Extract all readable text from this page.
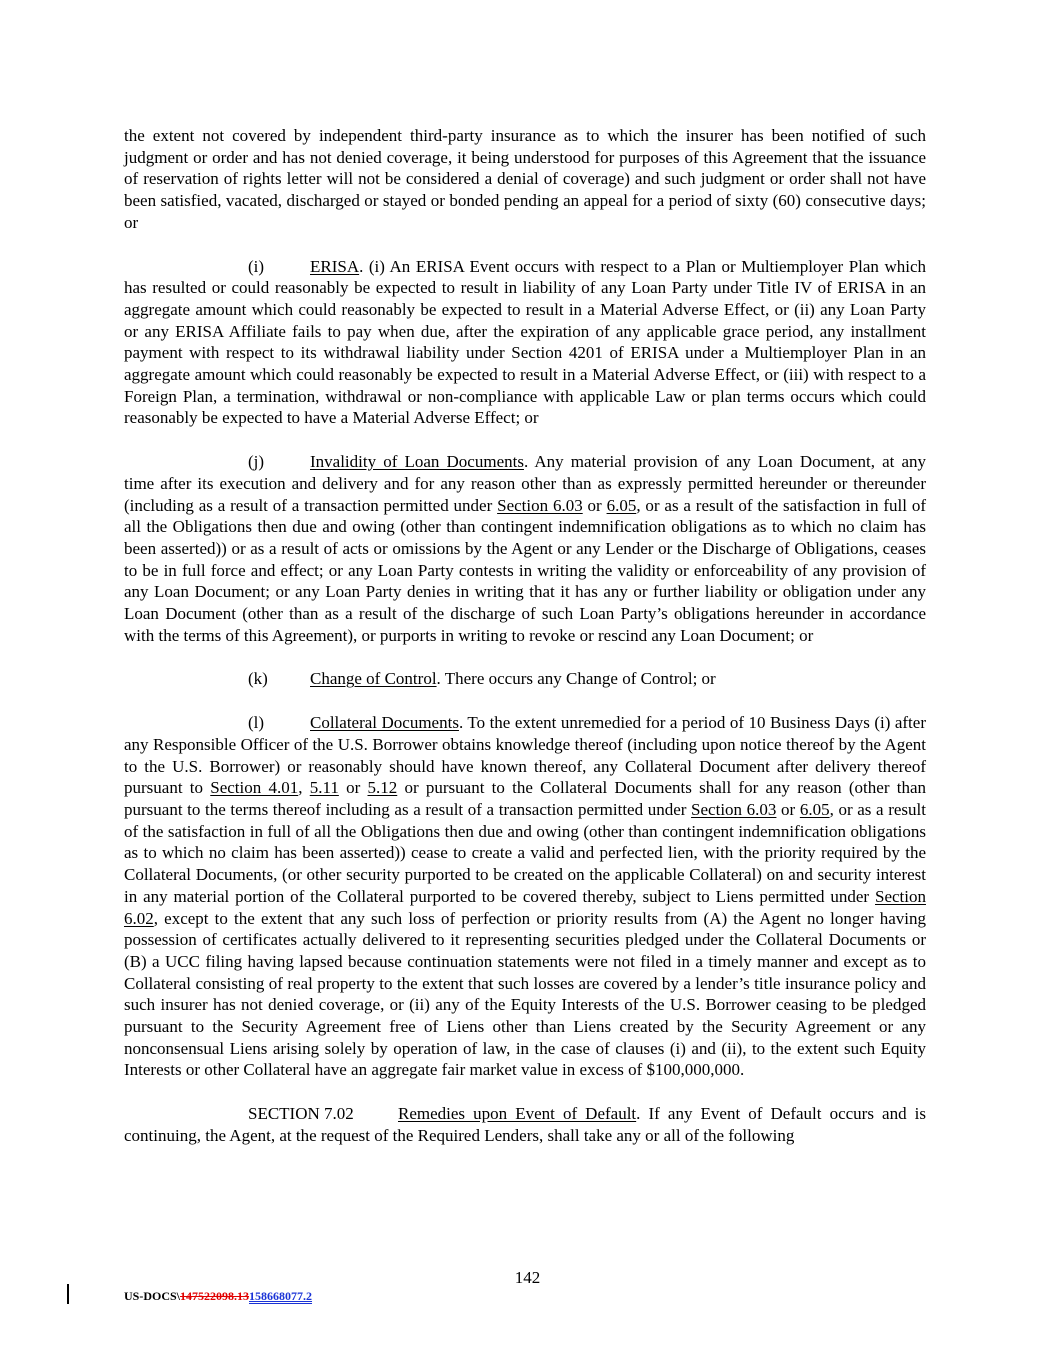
the extent not covered by independent third-party insurance as to which the insurer has been notified of such judgment or order and has not denied coverage, it being understood for purposes of this Agreement that the issuance of reservation of rights letter will not be considered a denial of coverage) and such judgment or order shall not have been satisfied, vacated, discharged or stayed or bonded pending an appeal for a period of sixty (60) consecutive days; or

(i)	ERISA. (i) An ERISA Event occurs with respect to a Plan or Multiemployer Plan which has resulted or could reasonably be expected to result in liability of any Loan Party under Title IV of ERISA in an aggregate amount which could reasonably be expected to result in a Material Adverse Effect, or (ii) any Loan Party or any ERISA Affiliate fails to pay when due, after the expiration of any applicable grace period, any installment payment with respect to its withdrawal liability under Section 4201 of ERISA under a Multiemployer Plan in an aggregate amount which could reasonably be expected to result in a Material Adverse Effect, or (iii) with respect to a Foreign Plan, a termination, withdrawal or non-compliance with applicable Law or plan terms occurs which could reasonably be expected to have a Material Adverse Effect; or

(j)	Invalidity of Loan Documents. Any material provision of any Loan Document, at any time after its execution and delivery and for any reason other than as expressly permitted hereunder or thereunder (including as a result of a transaction permitted under Section 6.03 or 6.05, or as a result of the satisfaction in full of all the Obligations then due and owing (other than contingent indemnification obligations as to which no claim has been asserted)) or as a result of acts or omissions by the Agent or any Lender or the Discharge of Obligations, ceases to be in full force and effect; or any Loan Party contests in writing the validity or enforceability of any provision of any Loan Document; or any Loan Party denies in writing that it has any or further liability or obligation under any Loan Document (other than as a result of the discharge of such Loan Party’s obligations hereunder in accordance with the terms of this Agreement), or purports in writing to revoke or rescind any Loan Document; or

(k) Change of Control. There occurs any Change of Control; or

(l)	Collateral Documents. To the extent unremedied for a period of 10 Business Days (i) after any Responsible Officer of the U.S. Borrower obtains knowledge thereof (including upon notice thereof by the Agent to the U.S. Borrower) or reasonably should have known thereof, any Collateral Document after delivery thereof pursuant to Section 4.01, 5.11 or 5.12 or pursuant to the Collateral Documents shall for any reason (other than pursuant to the terms thereof including as a result of a transaction permitted under Section 6.03 or 6.05, or as a result of the satisfaction in full of all the Obligations then due and owing (other than contingent indemnification obligations as to which no claim has been asserted)) cease to create a valid and perfected lien, with the priority required by the Collateral Documents, (or other security purported to be created on the applicable Collateral) on and security interest in any material portion of the Collateral purported to be covered thereby, subject to Liens permitted under Section 6.02, except to the extent that any such loss of perfection or priority results from (A) the Agent no longer having possession of certificates actually delivered to it representing securities pledged under the Collateral Documents or (B) a UCC filing having lapsed because continuation statements were not filed in a timely manner and except as to Collateral consisting of real property to the extent that such losses are covered by a lender’s title insurance policy and such insurer has not denied coverage, or (ii) any of the Equity Interests of the U.S. Borrower ceasing to be pledged pursuant to the Security Agreement free of Liens other than Liens created by the Security Agreement or any nonconsensual Liens arising solely by operation of law, in the case of clauses (i) and (ii), to the extent such Equity Interests or other Collateral have an aggregate fair market value in excess of $100,000,000.

SECTION 7.02	Remedies upon Event of Default. If any Event of Default occurs and is continuing, the Agent, at the request of the Required Lenders, shall take any or all of the following

142
US-DOCS\147522098.13158668077.2
